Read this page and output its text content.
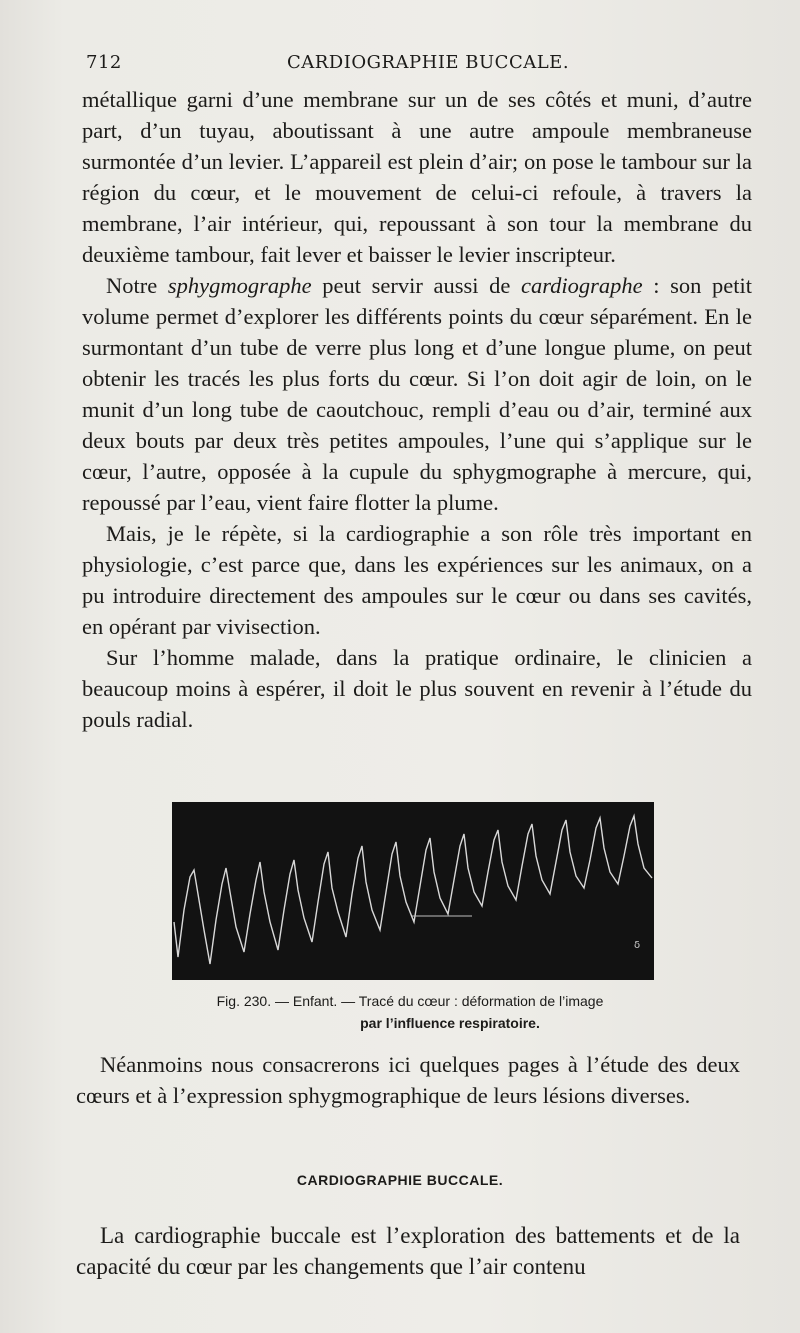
712	CARDIOGRAPHIE BUCCALE.

métallique garni d’une membrane sur un de ses côtés et muni, d’autre part, d’un tuyau, aboutissant à une autre ampoule membraneuse surmontée d’un levier. L’appareil est plein d’air; on pose le tambour sur la région du cœur, et le mouvement de celui-ci refoule, à travers la membrane, l’air intérieur, qui, repoussant à son tour la membrane du deuxième tambour, fait lever et baisser le levier inscripteur.

Notre sphygmographe peut servir aussi de cardiographe : son petit volume permet d’explorer les différents points du cœur séparément. En le surmontant d’un tube de verre plus long et d’une longue plume, on peut obtenir les tracés les plus forts du cœur. Si l’on doit agir de loin, on le munit d’un long tube de caoutchouc, rempli d’eau ou d’air, terminé aux deux bouts par deux très petites ampoules, l’une qui s’applique sur le cœur, l’autre, opposée à la cupule du sphygmographe à mercure, qui, repoussé par l’eau, vient faire flotter la plume.

Mais, je le répète, si la cardiographie a son rôle très important en physiologie, c’est parce que, dans les expériences sur les animaux, on a pu introduire directement des ampoules sur le cœur ou dans ses cavités, en opérant par vivisection.

Sur l’homme malade, dans la pratique ordinaire, le clinicien a beaucoup moins à espérer, il doit le plus souvent en revenir à l’étude du pouls radial.

δ
Fig. 230. — Enfant. — Tracé du cœur : déformation de l’image
par l’influence respiratoire.

Néanmoins nous consacrerons ici quelques pages à l’étude des deux cœurs et à l’expression sphygmographique de leurs lésions diverses.

CARDIOGRAPHIE BUCCALE.

La cardiographie buccale est l’exploration des battements et de la capacité du cœur par les changements que l’air contenu
